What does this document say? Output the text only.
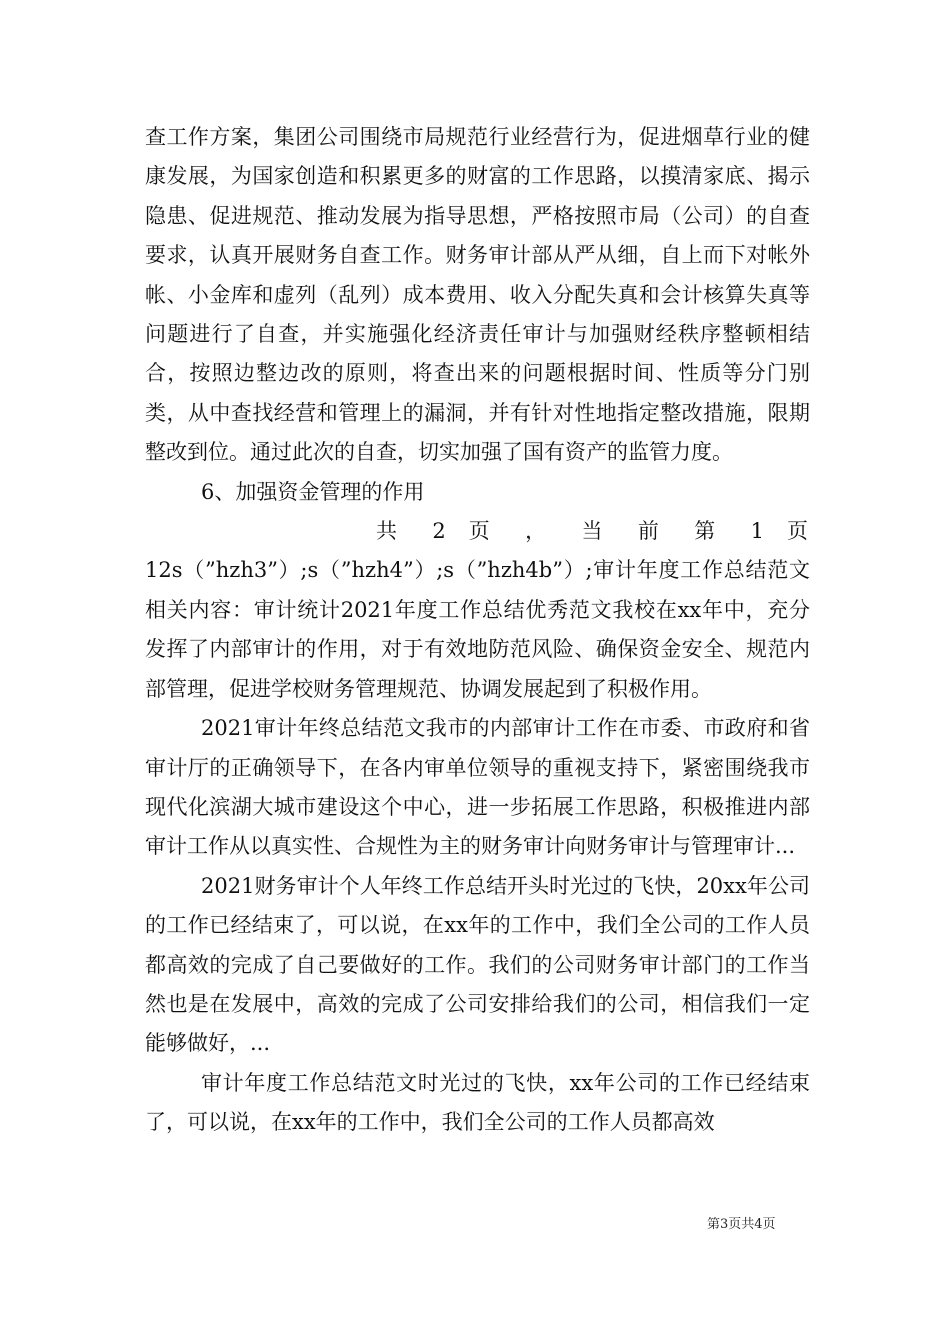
查工作方案，集团公司围绕市局规范行业经营行为，促进烟草行业的健康发展，为国家创造和积累更多的财富的工作思路，以摸清家底、揭示隐患、促进规范、推动发展为指导思想，严格按照市局（公司）的自查要求，认真开展财务自查工作。财务审计部从严从细，自上而下对帐外帐、小金库和虚列（乱列）成本费用、收入分配失真和会计核算失真等问题进行了自查，并实施强化经济责任审计与加强财经秩序整顿相结合，按照边整边改的原则，将查出来的问题根据时间、性质等分门别类，从中查找经营和管理上的漏洞，并有针对性地指定整改措施，限期整改到位。通过此次的自查，切实加强了国有资产的监管力度。

6、加强资金管理的作用

共 2 页 ， 当 前 第 1 页

12s（”hzh3”）;s（”hzh4”）;s（”hzh4b”）;审计年度工作总结范文相关内容：审计统计2021年度工作总结优秀范文我校在xx年中，充分发挥了内部审计的作用，对于有效地防范风险、确保资金安全、规范内部管理，促进学校财务管理规范、协调发展起到了积极作用。

2021审计年终总结范文我市的内部审计工作在市委、市政府和省审计厅的正确领导下，在各内审单位领导的重视支持下，紧密围绕我市现代化滨湖大城市建设这个中心，进一步拓展工作思路，积极推进内部审计工作从以真实性、合规性为主的财务审计向财务审计与管理审计...

2021财务审计个人年终工作总结开头时光过的飞快，20xx年公司的工作已经结束了，可以说，在xx年的工作中，我们全公司的工作人员都高效的完成了自己要做好的工作。我们的公司财务审计部门的工作当然也是在发展中，高效的完成了公司安排给我们的公司，相信我们一定能够做好，...

审计年度工作总结范文时光过的飞快，xx年公司的工作已经结束了，可以说，在xx年的工作中，我们全公司的工作人员都高效

第3页共4页
